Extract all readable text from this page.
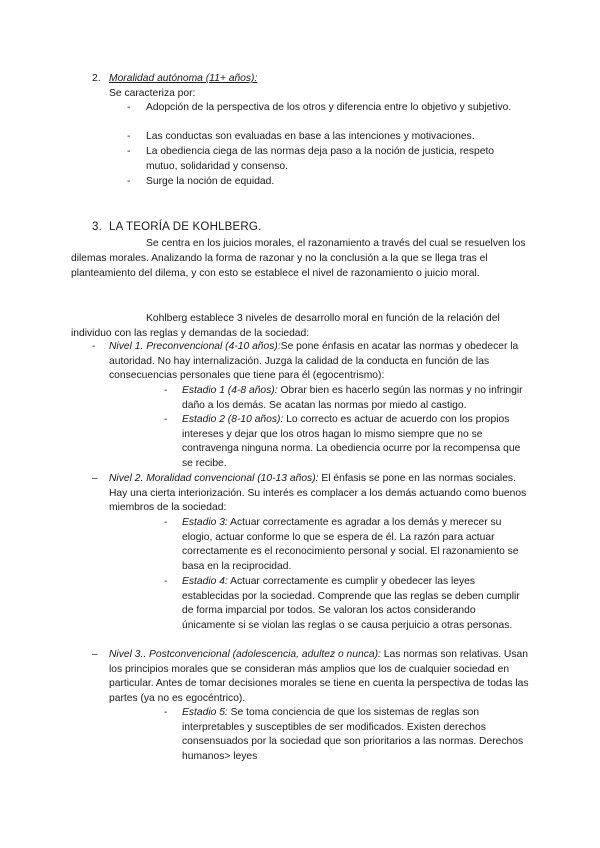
2. Moralidad autónoma (11+ años):
Se caracteriza por:
-	Adopción de la perspectiva de los otros y diferencia entre lo objetivo y subjetivo.
-	Las conductas son evaluadas en base a las intenciones y motivaciones.
-	La obediencia ciega de las normas deja paso a la noción de justicia, respeto mutuo, solidaridad y consenso.
-	Surge la noción de equidad.
3. LA TEORÍA DE KOHLBERG.
Se centra en los juicios morales, el razonamiento a través del cual se resuelven los dilemas morales. Analizando la forma de razonar y no la conclusión a la que se llega tras el planteamiento del dilema, y con esto se establece el nivel de razonamiento o juicio moral.
Kohlberg establece 3 niveles de desarrollo moral en función de la relación del individuo con las reglas y demandas de la sociedad:
-	Nivel 1. Preconvencional (4-10 años):Se pone énfasis en acatar las normas y obedecer la autoridad. No hay internalización. Juzga la calidad de la conducta en función de las consecuencias personales que tiene para él (egocentrismo):
-	Estadio 1 (4-8 años): Obrar bien es hacerlo según las normas y no infringir daño a los demás. Se acatan las normas por miedo al castigo.
-	Estadio 2 (8-10 años): Lo correcto es actuar de acuerdo con los propios intereses y dejar que los otros hagan lo mismo siempre que no se contravenga ninguna norma. La obediencia ocurre por la recompensa que se recibe.
–	Nivel 2. Moralidad convencional (10-13 años): El énfasis se pone en las normas sociales. Hay una cierta interiorización. Su interés es complacer a los demás actuando como buenos miembros de la sociedad:
-	Estadio 3: Actuar correctamente es agradar a los demás y merecer su elogio, actuar conforme lo que se espera de él. La razón para actuar correctamente es el reconocimiento personal y social. El razonamiento se basa en la reciprocidad.
-	Estadio 4: Actuar correctamente es cumplir y obedecer las leyes establecidas por la sociedad. Comprende que las reglas se deben cumplir de forma imparcial por todos. Se valoran los actos considerando únicamente si se violan las reglas o se causa perjuicio a otras personas.
–	Nivel 3.. Postconvencional (adolescencia, adultez o nunca): Las normas son relativas. Usan los principios morales que se consideran más amplios que los de cualquier sociedad en particular. Antes de tomar decisiones morales se tiene en cuenta la perspectiva de todas las partes (ya no es egocéntrico).
-	Estadio 5: Se toma conciencia de que los sistemas de reglas son interpretables y susceptibles de ser modificados. Existen derechos consensuados por la sociedad que son prioritarios a las normas. Derechos humanos> leyes
